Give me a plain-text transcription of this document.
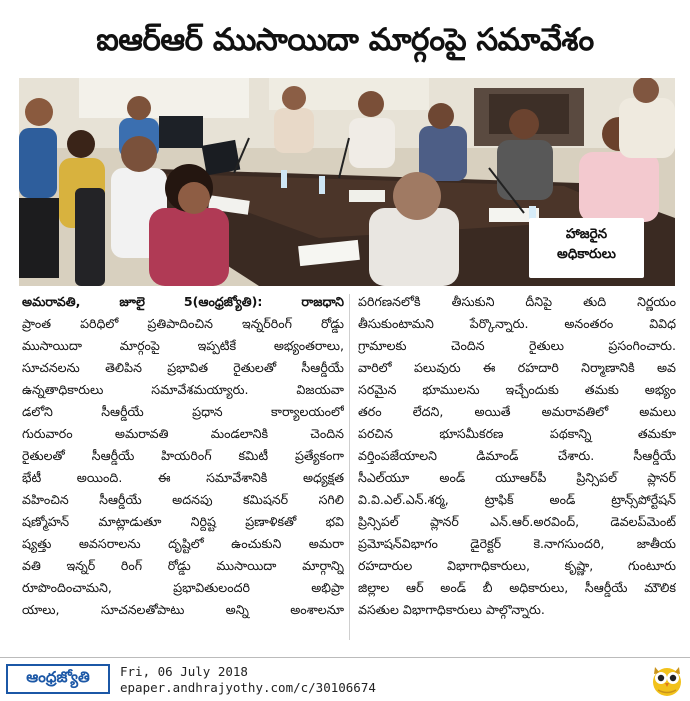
ఐఆర్ఆర్ ముసాయిదా మార్గంపై సమావేశం
హాజరైన
అధికారులు
అమరావతి, జూలై 5(ఆంధ్రజ్యోతి): రాజధాని
ప్రాంత పరిధిలో ప్రతిపాదించిన ఇన్నర్‌రింగ్ రోడ్డు
ముసాయిదా మార్గంపై ఇప్పటికే అభ్యంతరాలు,
సూచనలను తెలిపిన ప్రభావిత రైతులతో సీఆర్డీయే
ఉన్నతాధికారులు సమావేశమయ్యారు. విజయవా
డలోని సీఆర్డీయే ప్రధాన కార్యాలయంలో
గురువారం అమరావతి మండలానికి చెందిన
రైతులతో సీఆర్డీయే హియరింగ్ కమిటీ ప్రత్యేకంగా
భేటీ అయింది. ఈ సమావేశానికి అధ్యక్షత
వహించిన సీఆర్డీయే అదనపు కమిషనర్ సగిలి
షణ్మోహన్ మాట్లాడుతూ నిర్దిష్ట ప్రణాళికతో భవి
ష్యత్తు అవసరాలను దృష్టిలో ఉంచుకుని అమరా
వతి ఇన్నర్ రింగ్ రోడ్డు ముసాయిదా మార్గాన్ని
రూపొందించామని, ప్రభావితులందరి అభిప్రా
యాలు, సూచనలతోపాటు అన్ని అంశాలనూ
పరిగణనలోకి తీసుకుని దీనిపై తుది నిర్ణయం
తీసుకుంటామని పేర్కొన్నారు. అనంతరం వివిధ
గ్రామాలకు చెందిన రైతులు ప్రసంగించారు.
వారిలో పలువురు ఈ రహదారి నిర్మాణానికి అవ
సరమైన భూములను ఇచ్చేందుకు తమకు అభ్యం
తరం లేదని, అయితే అమరావతిలో అమలు
పరచిన భూసమీకరణ పథకాన్ని తమకూ
వర్తింపజేయాలని డిమాండ్ చేశారు. సీఆర్డీయే
సీఎల్‌యూ అండ్ యూఆర్‌పీ ప్రిన్సిపల్ ప్లానర్
వి.వి.ఎల్.ఎన్.శర్మ, ట్రాఫిక్ అండ్ ట్రాన్స్‌పోర్టేషన్
ప్రిన్సిపల్ ప్లానర్ ఎన్.ఆర్.అరవింద్, డెవలప్‌మెంట్
ప్రమోషన్‌విభాగం డైరెక్టర్ కె.నాగసుందరి, జాతీయ
రహదారుల విభాగాధికారులు, కృష్ణా, గుంటూరు
జిల్లాల ఆర్ అండ్ బీ అధికారులు, సీఆర్డీయే మౌలిక
వసతుల విభాగాధికారులు పాల్గొన్నారు.
ఆంధ్రజ్యోతి Fri, 06 July 2018
epaper.andhrajyothy.com/c/30106674
